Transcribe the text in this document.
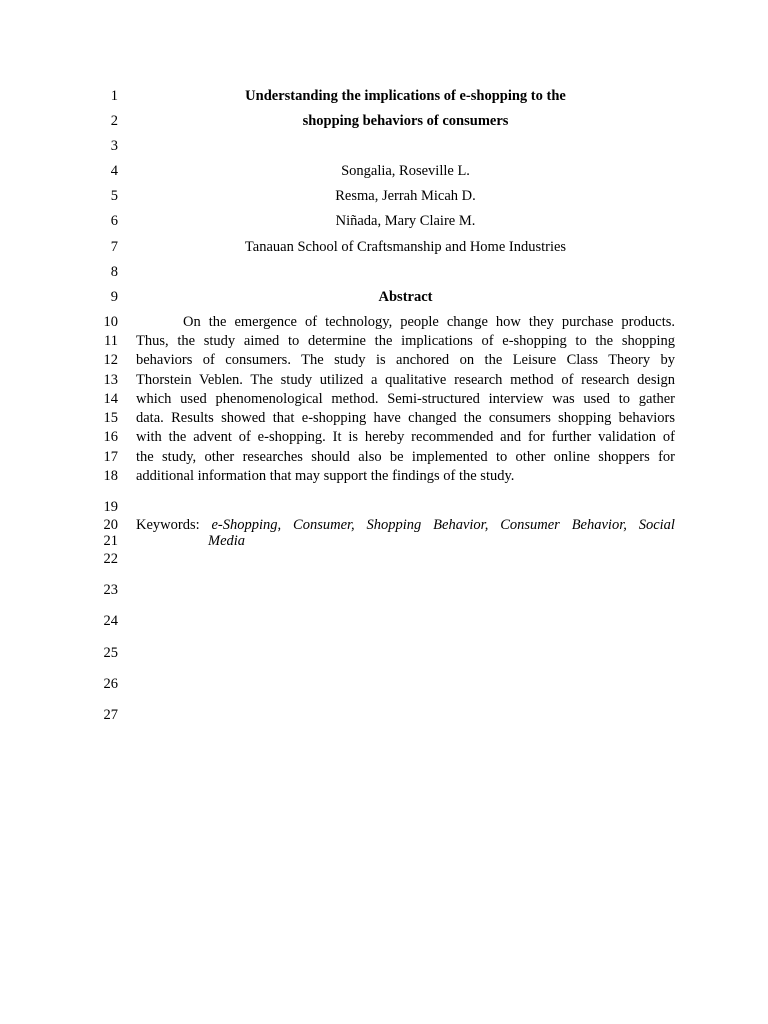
1
2
3
4
5
6
7
8
9
10
11
12
13
14
15
16
17
18
19
20
21
22
23
24
25
26
27
Understanding the implications of e-shopping to the
shopping behaviors of consumers
Songalia, Roseville L.
Resma, Jerrah Micah D.
Niñada, Mary Claire M.
Tanauan School of Craftsmanship and Home Industries
Abstract
On the emergence of technology, people change how they purchase products.
Thus, the study aimed to determine the implications of e-shopping to the shopping
behaviors of consumers. The study is anchored on the Leisure Class Theory by
Thorstein Veblen. The study utilized a qualitative research method of research design
which used phenomenological method. Semi-structured interview was used to gather
data. Results showed that e-shopping have changed the consumers shopping behaviors
with the advent of e-shopping. It is hereby recommended and for further validation of
the study, other researches should also be implemented to other online shoppers for
additional information that may support the findings of the study.
Keywords: e-Shopping, Consumer, Shopping Behavior, Consumer Behavior, Social
Media
